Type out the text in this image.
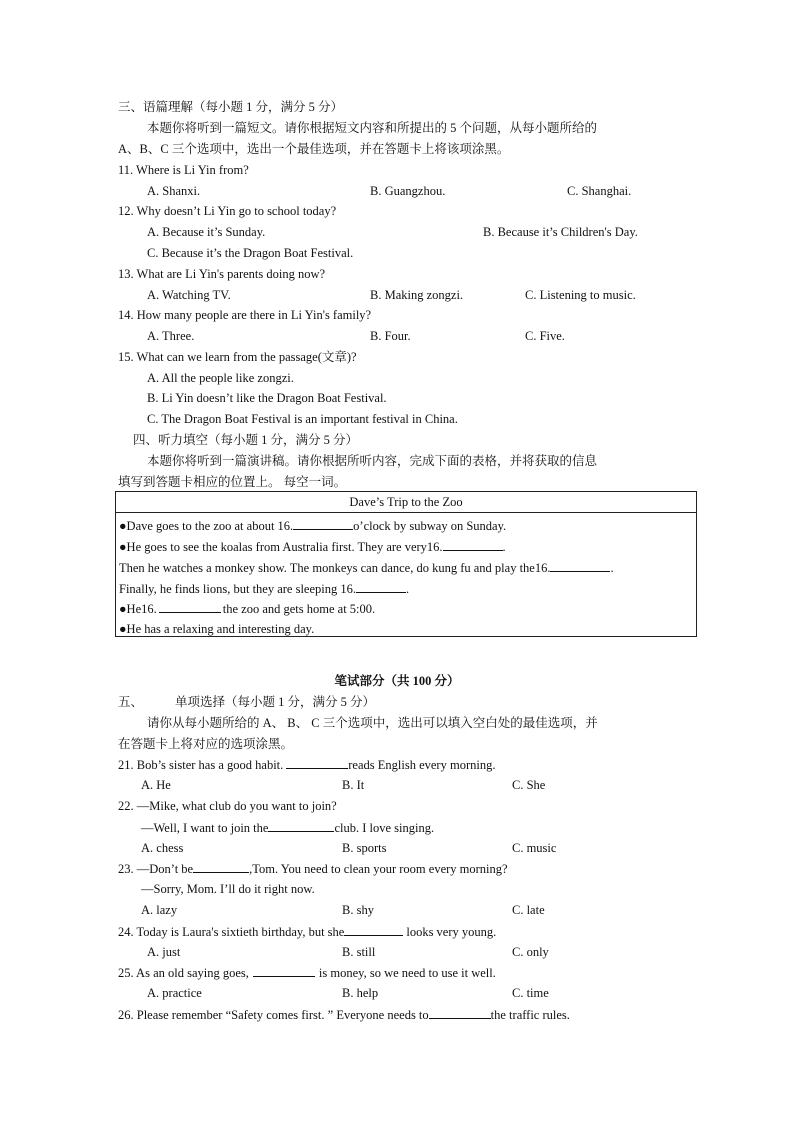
三、语篇理解（每小题 1 分，满分 5 分）
本题你将听到一篇短文。请你根据短文内容和所提出的 5 个问题，从每小题所给的
A、B、C 三个选项中，选出一个最佳选项，并在答题卡上将该项涂黑。
11. Where is Li Yin from?
A. Shanxi.	B. Guangzhou.	C. Shanghai.
12. Why doesn’t Li Yin go to school today?
A. Because it’s Sunday.	B. Because it’s Children's Day.
C. Because it’s the Dragon Boat Festival.
13. What are Li Yin's parents doing now?
A. Watching TV.	B. Making zongzi.	C. Listening to music.
14. How many people are there in Li Yin's family?
A. Three.	B. Four.	C. Five.
15. What can we learn from the passage(文章)?
A. All the people like zongzi.
B. Li Yin doesn’t like the Dragon Boat Festival.
C. The Dragon Boat Festival is an important festival in China.
四、听力填空（每小题 1 分，满分 5 分）
本题你将听到一篇演讲稿。请你根据所听内容，完成下面的表格，并将获取的信息
填写到答题卡相应的位置上。 每空一词。
Dave’s Trip to the Zoo
●Dave goes to the zoo at about 16.	o’clock by subway on Sunday.
●He goes to see the koalas from Australia first. They are very16.	.
Then he watches a monkey show. The monkeys can dance, do kung fu and play the16.	.
Finally, he finds lions, but they are sleeping 16.	.
●He16.	the zoo and gets home at 5:00.
●He has a relaxing and interesting day.
笔试部分（共 100 分）
五、	单项选择（每小题 1 分，满分 5 分）
请你从每小题所给的 A、 B、 C 三个选项中，选出可以填入空白处的最佳选项，并
在答题卡上将对应的选项涂黑。
21. Bob’s sister has a good habit.	reads English every morning.
A. He	B. It	C. She
22. —Mike, what club do you want to join?
—Well, I want to join the	club. I love singing.
A. chess	B. sports	C. music
23. —Don’t be	,Tom. You need to clean your room every morning?
—Sorry, Mom. I’ll do it right now.
A. lazy	B. shy	C. late
24. Today is Laura's sixtieth birthday, but she	looks very young.
A. just	B. still	C. only
25. As an old saying goes,	is money, so we need to use it well.
A. practice	B. help	C. time
26. Please remember “Safety comes first. ” Everyone needs to	the traffic rules.
